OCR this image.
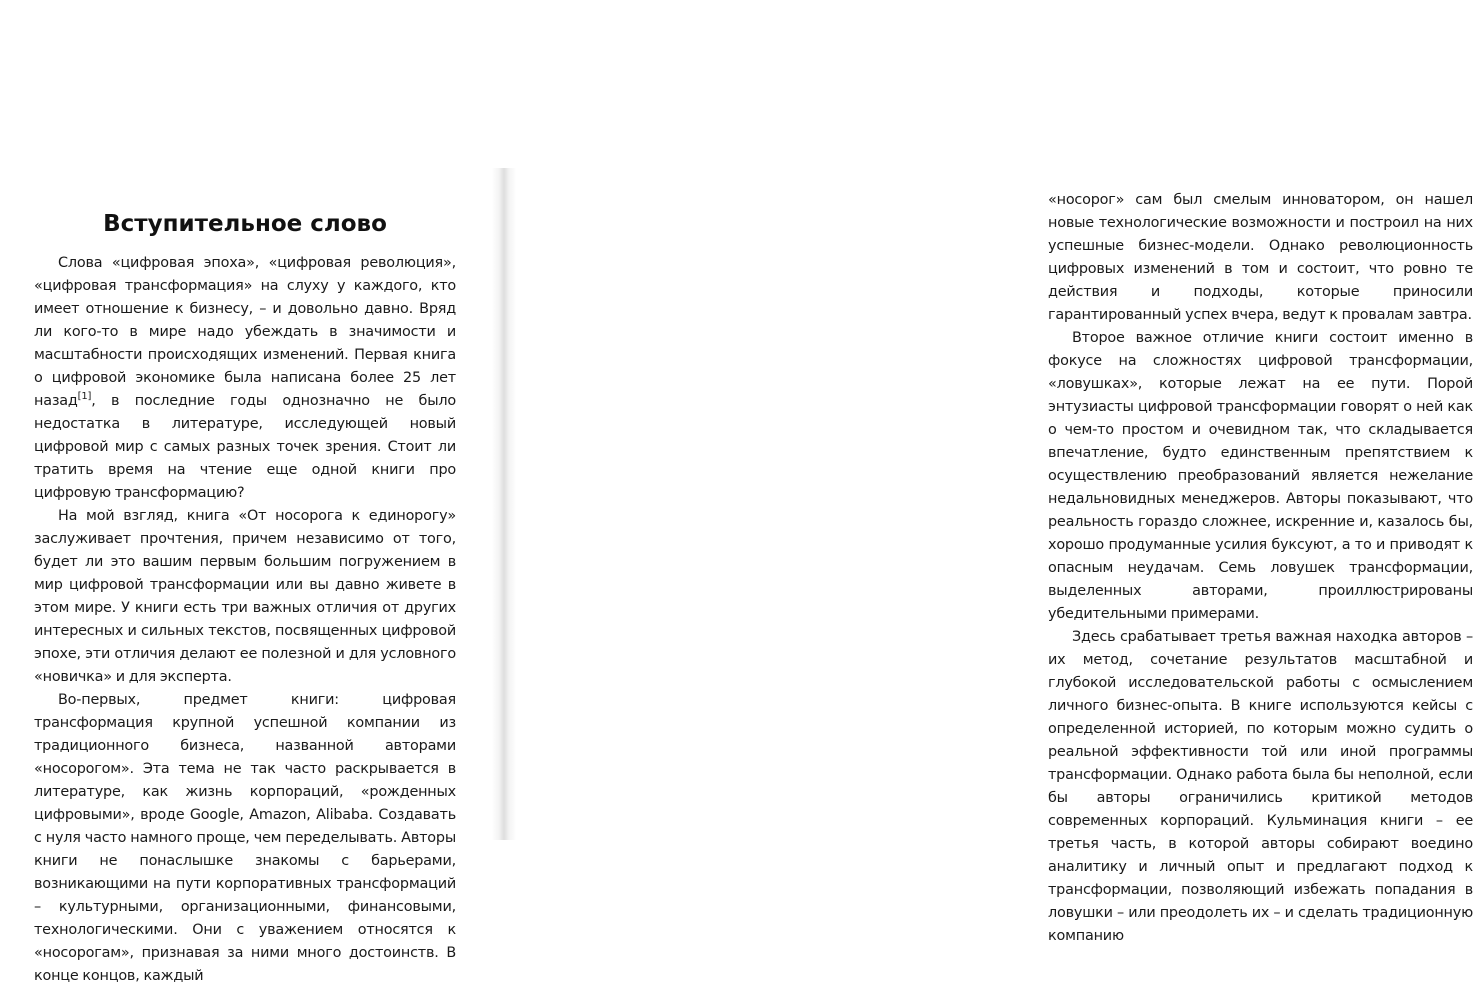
Вступительное слово

Слова «цифровая эпоха», «цифровая революция», «цифровая трансформация» на слуху у каждого, кто имеет отношение к бизнесу, – и довольно давно. Вряд ли кого-то в мире надо убеждать в значимости и масштабности происходящих изменений. Первая книга о цифровой экономике была написана более 25 лет назад[1], в последние годы однозначно не было недостатка в литературе, исследующей новый цифровой мир с самых разных точек зрения. Стоит ли тратить время на чтение еще одной книги про цифровую трансформацию?

На мой взгляд, книга «От носорога к единорогу» заслуживает прочтения, причем независимо от того, будет ли это вашим первым большим погружением в мир цифровой трансформации или вы давно живете в этом мире. У книги есть три важных отличия от других интересных и сильных текстов, посвященных цифровой эпохе, эти отличия делают ее полезной и для условного «новичка» и для эксперта.

Во-первых, предмет книги: цифровая трансформация крупной успешной компании из традиционного бизнеса, названной авторами «носорогом». Эта тема не так часто раскрывается в литературе, как жизнь корпораций, «рожденных цифровыми», вроде Google, Amazon, Alibaba. Создавать с нуля часто намного проще, чем переделывать. Авторы книги не понаслышке знакомы с барьерами, возникающими на пути корпоративных трансформаций – культурными, организационными, финансовыми, технологическими. Они с уважением относятся к «носорогам», признавая за ними много достоинств. В конце концов, каждый

«носорог» сам был смелым инноватором, он нашел новые технологические возможности и построил на них успешные бизнес-модели. Однако революционность цифровых изменений в том и состоит, что ровно те действия и подходы, которые приносили гарантированный успех вчера, ведут к провалам завтра.

Второе важное отличие книги состоит именно в фокусе на сложностях цифровой трансформации, «ловушках», которые лежат на ее пути. Порой энтузиасты цифровой трансформации говорят о ней как о чем-то простом и очевидном так, что складывается впечатление, будто единственным препятствием к осуществлению преобразований является нежелание недальновидных менеджеров. Авторы показывают, что реальность гораздо сложнее, искренние и, казалось бы, хорошо продуманные усилия буксуют, а то и приводят к опасным неудачам. Семь ловушек трансформации, выделенных авторами, проиллюстрированы убедительными примерами.

Здесь срабатывает третья важная находка авторов – их метод, сочетание результатов масштабной и глубокой исследовательской работы с осмыслением личного бизнес-опыта. В книге используются кейсы с определенной историей, по которым можно судить о реальной эффективности той или иной программы трансформации. Однако работа была бы неполной, если бы авторы ограничились критикой методов современных корпораций. Кульминация книги – ее третья часть, в которой авторы собирают воедино аналитику и личный опыт и предлагают подход к трансформации, позволяющий избежать попадания в ловушки – или преодолеть их – и сделать традиционную компанию
